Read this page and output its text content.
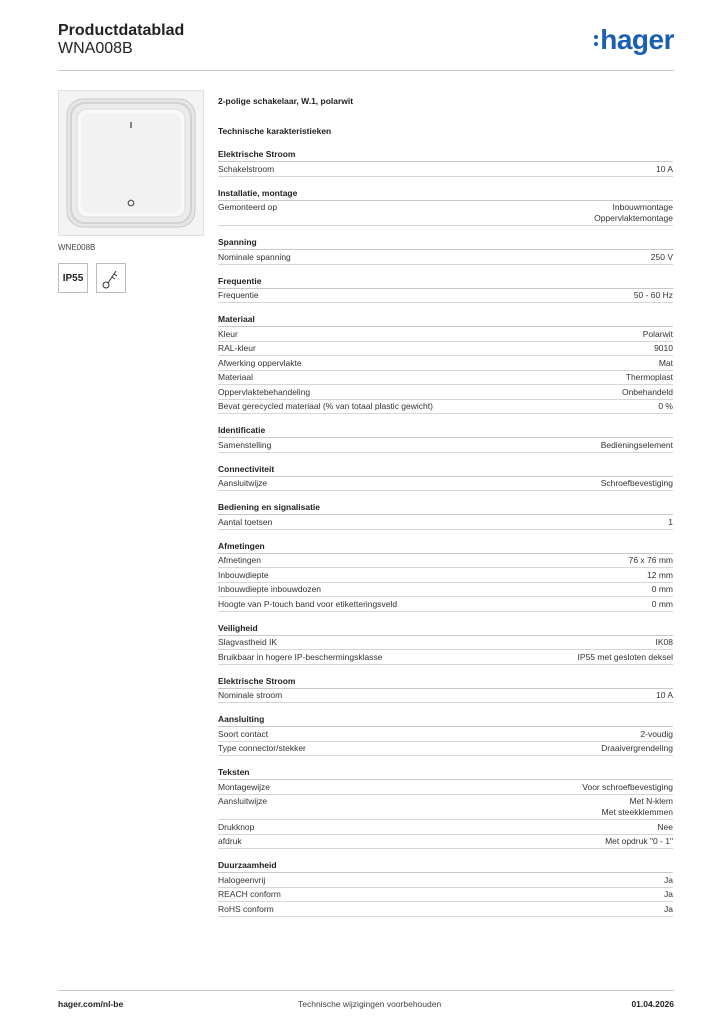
Productdatablad
WNA008B	hager
WNE008B
IP55
2-polige schakelaar, W.1, polarwit
Technische karakteristieken
Elektrische Stroom
Schakelstroom	10 A
Installatie, montage
Gemonteerd op	Inbouwmontage
Oppervlaktemontage
Spanning
Nominale spanning	250 V
Frequentie
Frequentie	50 - 60 Hz
Materiaal
Kleur	Polarwit
RAL-kleur	9010
Afwerking oppervlakte	Mat
Materiaal	Thermoplast
Oppervlaktebehandeling	Onbehandeld
Bevat gerecycled materiaal (% van totaal plastic gewicht)	0 %
Identificatie
Samenstelling	Bedieningselement
Connectiviteit
Aansluitwijze	Schroefbevestiging
Bediening en signalisatie
Aantal toetsen	1
Afmetingen
Afmetingen	76 x 76 mm
Inbouwdiepte	12 mm
Inbouwdiepte inbouwdozen	0 mm
Hoogte van P-touch band voor etiketteringsveld	0 mm
Veiligheid
Slagvastheid IK	IK08
Bruikbaar in hogere IP-beschermingsklasse	IP55 met gesloten deksel
Elektrische Stroom
Nominale stroom	10 A
Aansluiting
Soort contact	2-voudig
Type connector/stekker	Draaivergrendeling
Teksten
Montagewijze	Voor schroefbevestiging
Aansluitwijze	Met N-klem
Met steekklemmen
Drukknop	Nee
afdruk	Met opdruk "0 - 1"
Duurzaamheid
Halogeenvrij	Ja
REACH conform	Ja
RoHS conform	Ja
hager.com/nl-be	Technische wijzigingen voorbehouden	01.04.2026
